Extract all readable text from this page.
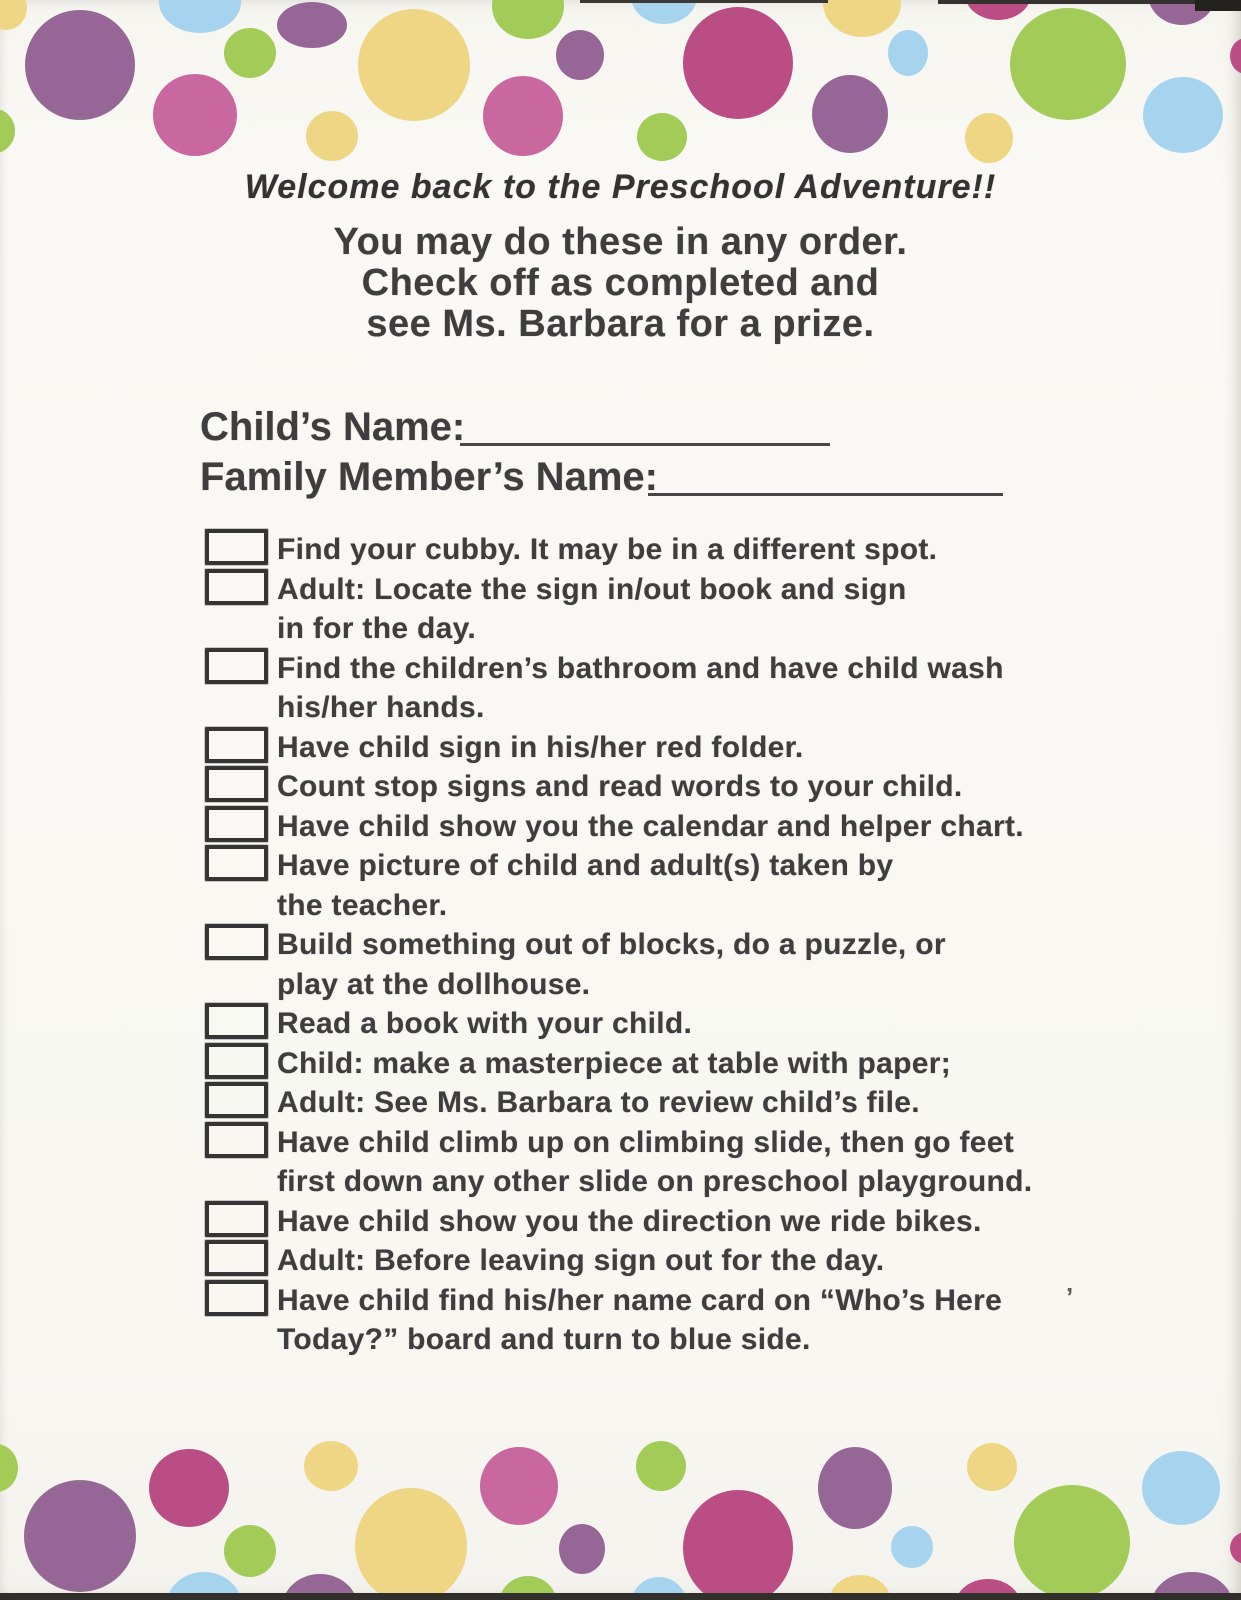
Welcome back to the Preschool Adventure!!
You may do these in any order.
Check off as completed and
see Ms. Barbara for a prize.
Child’s Name:
Family Member’s Name:
Find your cubby. It may be in a different spot.
Adult: Locate the sign in/out book and sign
in for the day.
Find the children’s bathroom and have child wash
his/her hands.
Have child sign in his/her red folder.
Count stop signs and read words to your child.
Have child show you the calendar and helper chart.
Have picture of child and adult(s) taken by
the teacher.
Build something out of blocks, do a puzzle, or
play at the dollhouse.
Read a book with your child.
Child: make a masterpiece at table with paper;
Adult: See Ms. Barbara to review child’s file.
Have child climb up on climbing slide, then go feet
first down any other slide on preschool playground.
Have child show you the direction we ride bikes.
Adult: Before leaving sign out for the day.
Have child find his/her name card on “Who’s Here
Today?” board and turn to blue side.
’
